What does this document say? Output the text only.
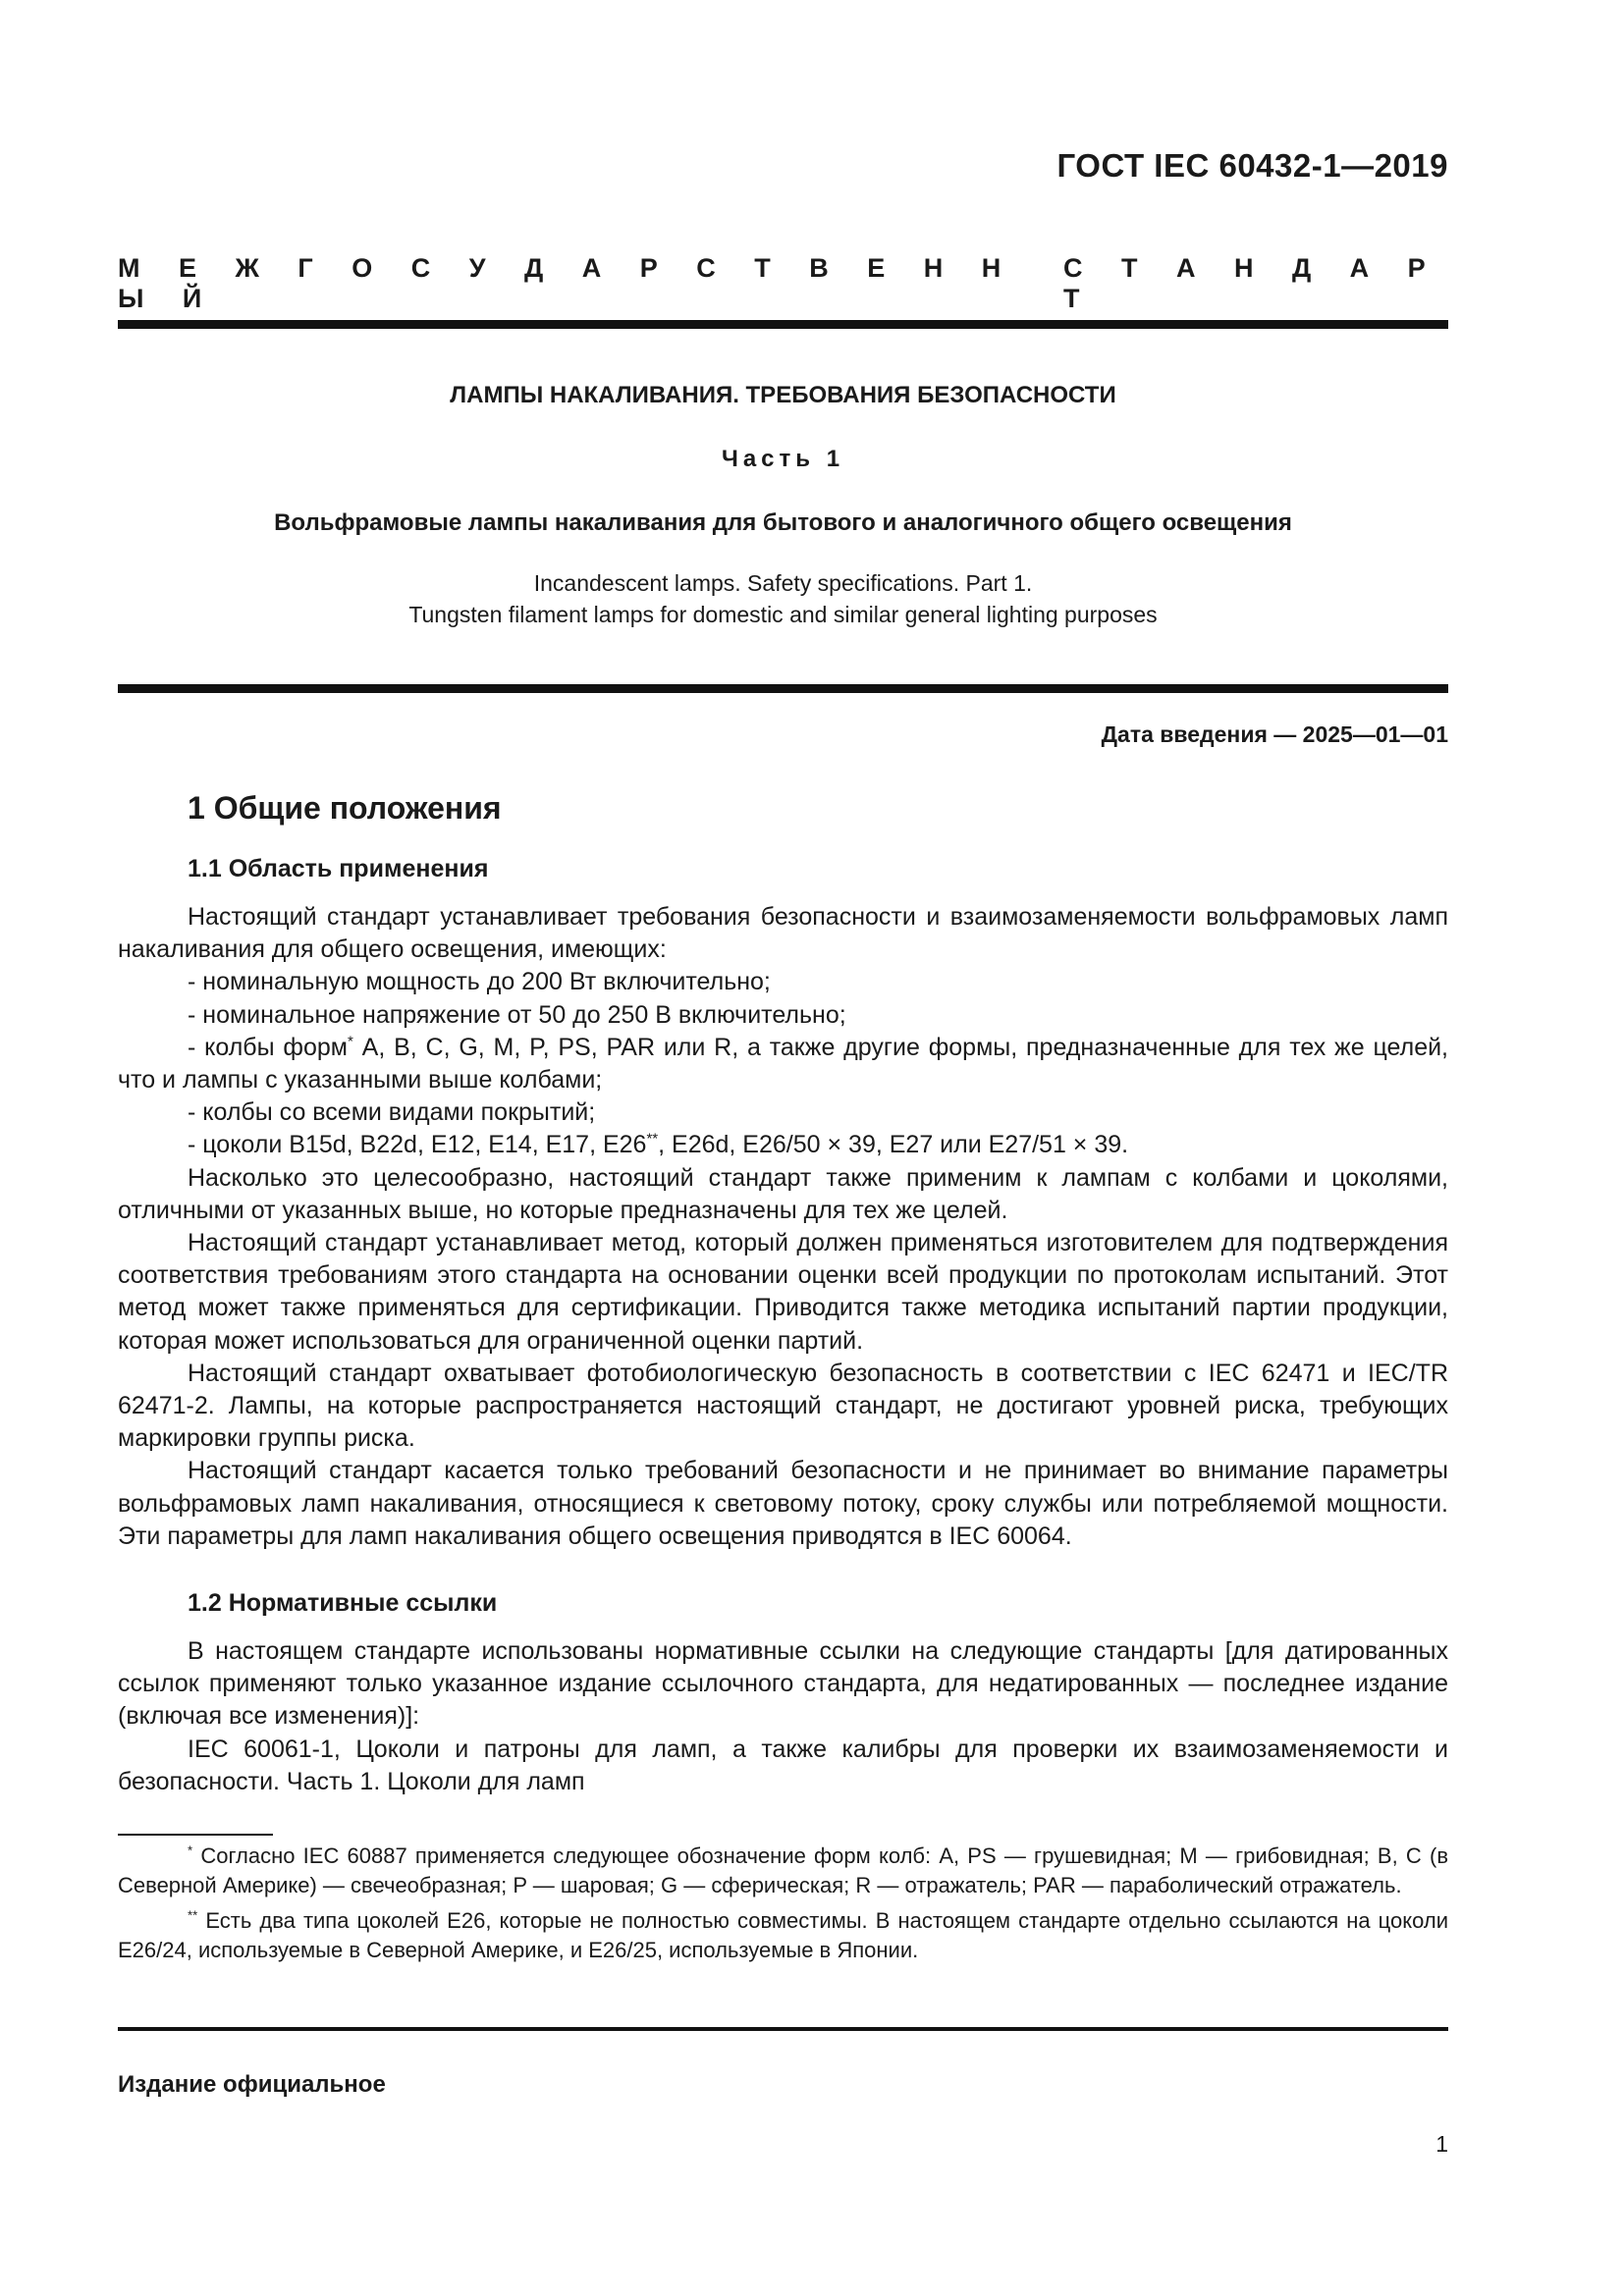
ГОСТ IEC 60432-1—2019
М Е Ж Г О С У Д А Р С Т В Е Н Н Ы Й
С Т А Н Д А Р Т
ЛАМПЫ НАКАЛИВАНИЯ. ТРЕБОВАНИЯ БЕЗОПАСНОСТИ
Часть 1
Вольфрамовые лампы накаливания для бытового и аналогичного общего освещения
Incandescent lamps. Safety specifications. Part 1.
Tungsten filament lamps for domestic and similar general lighting purposes
Дата введения — 2025—01—01
1 Общие положения
1.1 Область применения

Настоящий стандарт устанавливает требования безопасности и взаимозаменяемости вольфрамовых ламп накаливания для общего освещения, имеющих:

- номинальную мощность до 200 Вт включительно;

- номинальное напряжение от 50 до 250 В включительно;

- колбы форм* A, B, C, G, M, P, PS, PAR или R, а также другие формы, предназначенные для тех же целей, что и лампы с указанными выше колбами;

- колбы со всеми видами покрытий;

- цоколи B15d, B22d, E12, E14, E17, E26**, E26d, E26/50 × 39, E27 или E27/51 × 39.

Насколько это целесообразно, настоящий стандарт также применим к лампам с колбами и цоколями, отличными от указанных выше, но которые предназначены для тех же целей.

Настоящий стандарт устанавливает метод, который должен применяться изготовителем для подтверждения соответствия требованиям этого стандарта на основании оценки всей продукции по протоколам испытаний. Этот метод может также применяться для сертификации. Приводится также методика испытаний партии продукции, которая может использоваться для ограниченной оценки партий.

Настоящий стандарт охватывает фотобиологическую безопасность в соответствии с IEC 62471 и IEC/TR 62471-2. Лампы, на которые распространяется настоящий стандарт, не достигают уровней риска, требующих маркировки группы риска.

Настоящий стандарт касается только требований безопасности и не принимает во внимание параметры вольфрамовых ламп накаливания, относящиеся к световому потоку, сроку службы или потребляемой мощности. Эти параметры для ламп накаливания общего освещения приводятся в IEC 60064.

1.2 Нормативные ссылки

В настоящем стандарте использованы нормативные ссылки на следующие стандарты [для датированных ссылок применяют только указанное издание ссылочного стандарта, для недатированных — последнее издание (включая все изменения)]:

IEC 60061-1, Цоколи и патроны для ламп, а также калибры для проверки их взаимозаменяемости и безопасности. Часть 1. Цоколи для ламп

* Согласно IEC 60887 применяется следующее обозначение форм колб: A, PS — грушевидная; M — грибовидная; B, C (в Северной Америке) — свечеобразная; P — шаровая; G — сферическая; R — отражатель; PAR — параболический отражатель.

** Есть два типа цоколей E26, которые не полностью совместимы. В настоящем стандарте отдельно ссылаются на цоколи E26/24, используемые в Северной Америке, и E26/25, используемые в Японии.

Издание официальное
1
